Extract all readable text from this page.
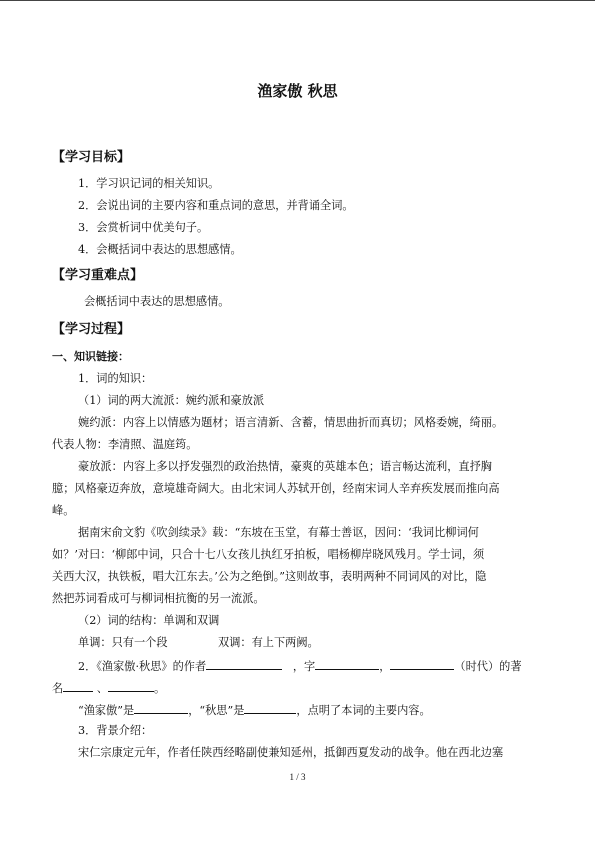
渔家傲 秋思
【学习目标】
1．学习识记词的相关知识。
2．会说出词的主要内容和重点词的意思，并背诵全词。
3．会赏析词中优美句子。
4．会概括词中表达的思想感情。
【学习重难点】
会概括词中表达的思想感情。
【学习过程】
一、知识链接：
1．词的知识：
（1）词的两大流派：婉约派和豪放派
婉约派：内容上以情感为题材；语言清新、含蓄，情思曲折而真切；风格委婉，绮丽。
代表人物：李清照、温庭筠。
豪放派：内容上多以抒发强烈的政治热情，豪爽的英雄本色；语言畅达流利，直抒胸
臆；风格豪迈奔放，意境雄奇阔大。由北宋词人苏轼开创，经南宋词人辛弃疾发展而推向高
峰。
据南宋俞文豹《吹剑续录》载：“东坡在玉堂，有幕士善讴，因问：‘我词比柳词何
如？’对曰：‘柳郎中词，只合十七八女孩儿执红牙拍板，唱杨柳岸晓风残月。学士词，须
关西大汉，执铁板，唱大江东去。’公为之绝倒。”这则故事，表明两种不同词风的对比，隐
然把苏词看成可与柳词相抗衡的另一流派。
（2）词的结构：单调和双调
单调：只有一个段	双调：有上下两阙。
2．《渔家傲·秋思》的作者	，字	，	（时代）的著
名	、	。
“渔家傲”是	，“秋思”是	，点明了本词的主要内容。
3．背景介绍：
宋仁宗康定元年，作者任陕西经略副使兼知延州，抵御西夏发动的战争。他在西北边塞
1 / 3
